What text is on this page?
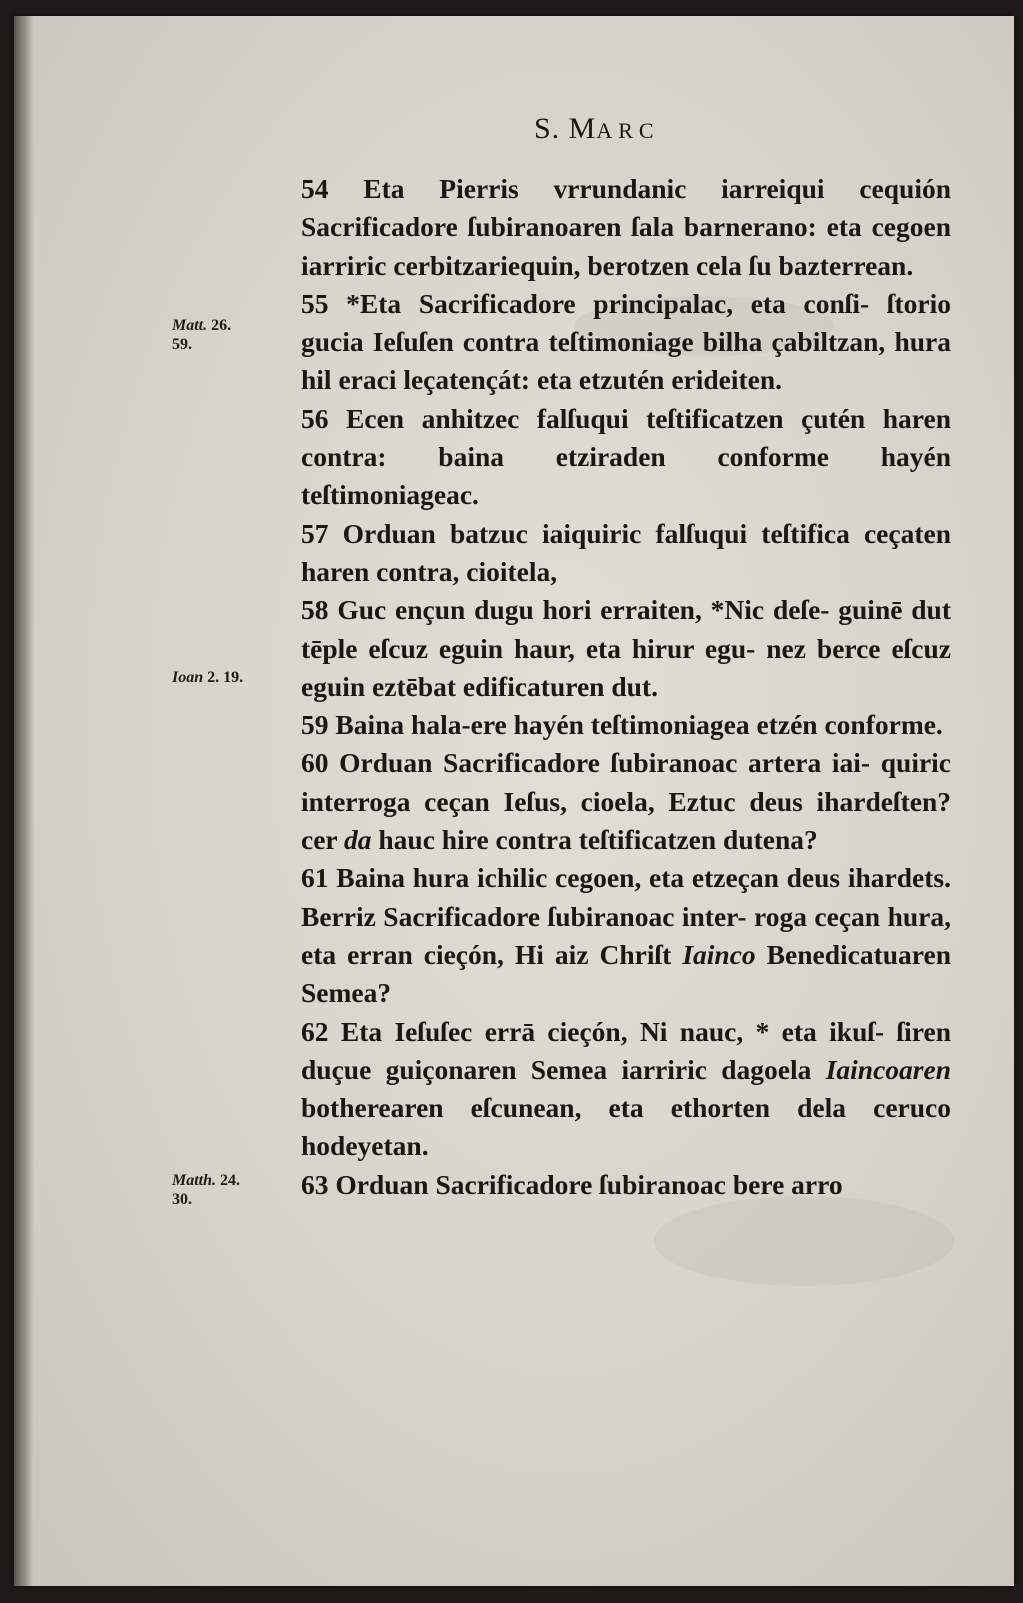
S. MARC
Matt. 26.
59.
Ioan 2. 19.
Matth. 24.
30.

54 Eta Pierris vrrundanic iarreiqui cequión Sacrificadore ſubiranoaren ſala barnerano: eta cegoen iarriric cerbitzariequin, berotzen cela ſu bazterrean.

55 *Eta Sacrificadore principalac, eta conſi- ſtorio gucia Ieſuſen contra teſtimoniage bilha çabiltzan, hura hil eraci leçatençát: eta etzutén erideiten.

56 Ecen anhitzec falſuqui teſtificatzen çutén haren contra: baina etziraden conforme hayén teſtimoniageac.

57 Orduan batzuc iaiquiric falſuqui teſtifica ceçaten haren contra, cioitela,

58 Guc ençun dugu hori erraiten, *Nic deſe- guinē dut tēple eſcuz eguin haur, eta hirur egu- nez berce eſcuz eguin eztēbat edificaturen dut.

59 Baina hala-ere hayén teſtimoniagea etzén conforme.

60 Orduan Sacrificadore ſubiranoac artera iai- quiric interroga ceçan Ieſus, cioela, Eztuc deus ihardeſten? cer da hauc hire contra teſtificatzen dutena?

61 Baina hura ichilic cegoen, eta etzeçan deus ihardets. Berriz Sacrificadore ſubiranoac inter- roga ceçan hura, eta erran cieçón, Hi aiz Chriſt Iainco Benedicatuaren Semea?

62 Eta Ieſuſec errā cieçón, Ni nauc, * eta ikuſ- ſiren duçue guiçonaren Semea iarriric dagoela Iaincoaren botherearen eſcunean, eta ethorten dela ceruco hodeyetan.

63 Orduan Sacrificadore ſubiranoac bere arro
